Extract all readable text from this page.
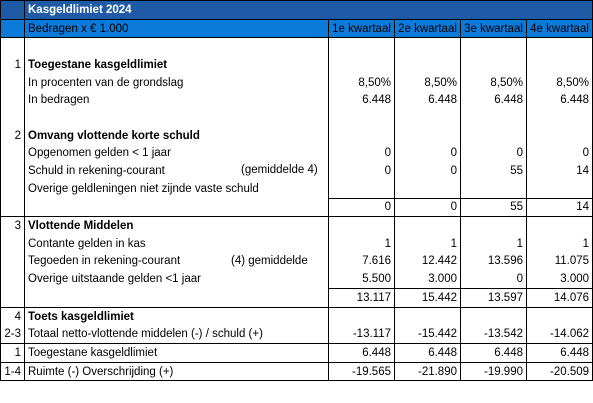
	Kasgeldlimiet 2024				
	Bedragen x € 1.000	1e kwartaal	2e kwartaal	3e kwartaal	4e kwartaal

1	Toegestane kasgeldlimiet				
	In procenten van de grondslag	8,50%	8,50%	8,50%	8,50%
	In bedragen	6.448	6.448	6.448	6.448

2	Omvang vlottende korte schuld				
	Opgenomen gelden < 1 jaar	0	0	0	0
	Schuld in rekening-courant (gemiddelde 4)	0	0	55	14
	Overige geldleningen niet zijnde vaste schuld				
		0	0	55	14
3	Vlottende Middelen				
	Contante gelden in kas	1	1	1	1
	Tegoeden in rekening-courant (4) gemiddelde	7.616	12.442	13.596	11.075
	Overige uitstaande gelden <1 jaar	5.500	3.000	0	3.000
		13.117	15.442	13.597	14.076
4	Toets kasgeldlimiet				
2-3	Totaal netto-vlottende middelen (-) / schuld (+)	-13.117	-15.442	-13.542	-14.062
1	Toegestane kasgeldlimiet	6.448	6.448	6.448	6.448
1-4	Ruimte (-) Overschrijding (+)	-19.565	-21.890	-19.990	-20.509
